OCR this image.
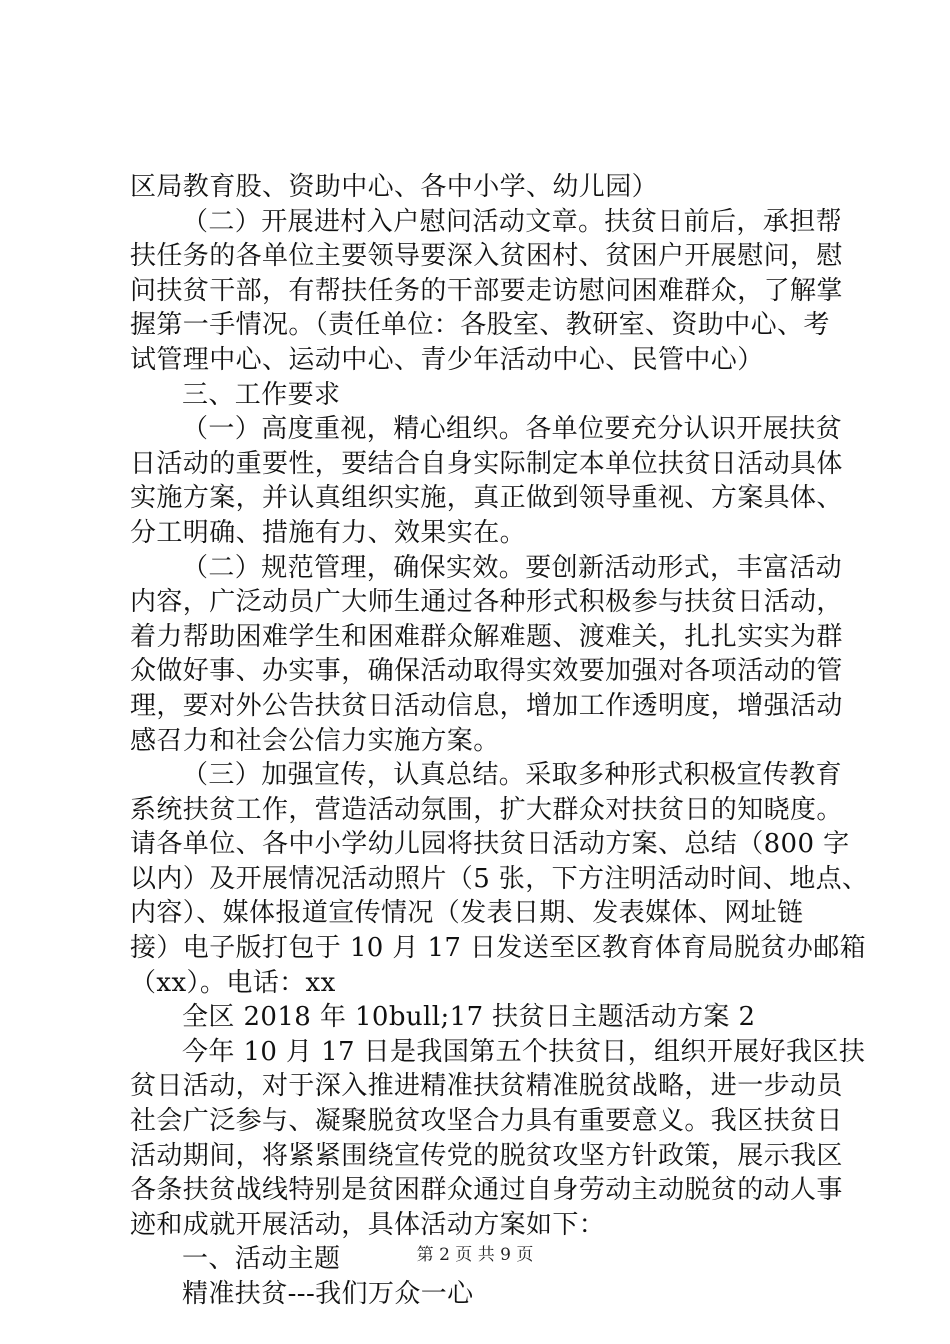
区局教育股、资助中心、各中小学、幼儿园）
（二）开展进村入户慰问活动文章。扶贫日前后，承担帮
扶任务的各单位主要领导要深入贫困村、贫困户开展慰问，慰
问扶贫干部，有帮扶任务的干部要走访慰问困难群众，了解掌
握第一手情况。（责任单位：各股室、教研室、资助中心、考
试管理中心、运动中心、青少年活动中心、民管中心）
三、工作要求
（一）高度重视，精心组织。各单位要充分认识开展扶贫
日活动的重要性，要结合自身实际制定本单位扶贫日活动具体
实施方案，并认真组织实施，真正做到领导重视、方案具体、
分工明确、措施有力、效果实在。
（二）规范管理，确保实效。要创新活动形式，丰富活动
内容，广泛动员广大师生通过各种形式积极参与扶贫日活动，
着力帮助困难学生和困难群众解难题、渡难关，扎扎实实为群
众做好事、办实事，确保活动取得实效要加强对各项活动的管
理，要对外公告扶贫日活动信息，增加工作透明度，增强活动
感召力和社会公信力实施方案。
（三）加强宣传，认真总结。采取多种形式积极宣传教育
系统扶贫工作，营造活动氛围，扩大群众对扶贫日的知晓度。
请各单位、各中小学幼儿园将扶贫日活动方案、总结（800 字
以内）及开展情况活动照片（5 张，下方注明活动时间、地点、
内容）、媒体报道宣传情况（发表日期、发表媒体、网址链
接）电子版打包于 10 月 17 日发送至区教育体育局脱贫办邮箱
（xx）。电话：xx
全区 2018 年 10bull;17 扶贫日主题活动方案 2
今年 10 月 17 日是我国第五个扶贫日，组织开展好我区扶
贫日活动，对于深入推进精准扶贫精准脱贫战略，进一步动员
社会广泛参与、凝聚脱贫攻坚合力具有重要意义。我区扶贫日
活动期间，将紧紧围绕宣传党的脱贫攻坚方针政策，展示我区
各条扶贫战线特别是贫困群众通过自身劳动主动脱贫的动人事
迹和成就开展活动，具体活动方案如下：
一、活动主题
精准扶贫---我们万众一心
第 2 页 共 9 页
